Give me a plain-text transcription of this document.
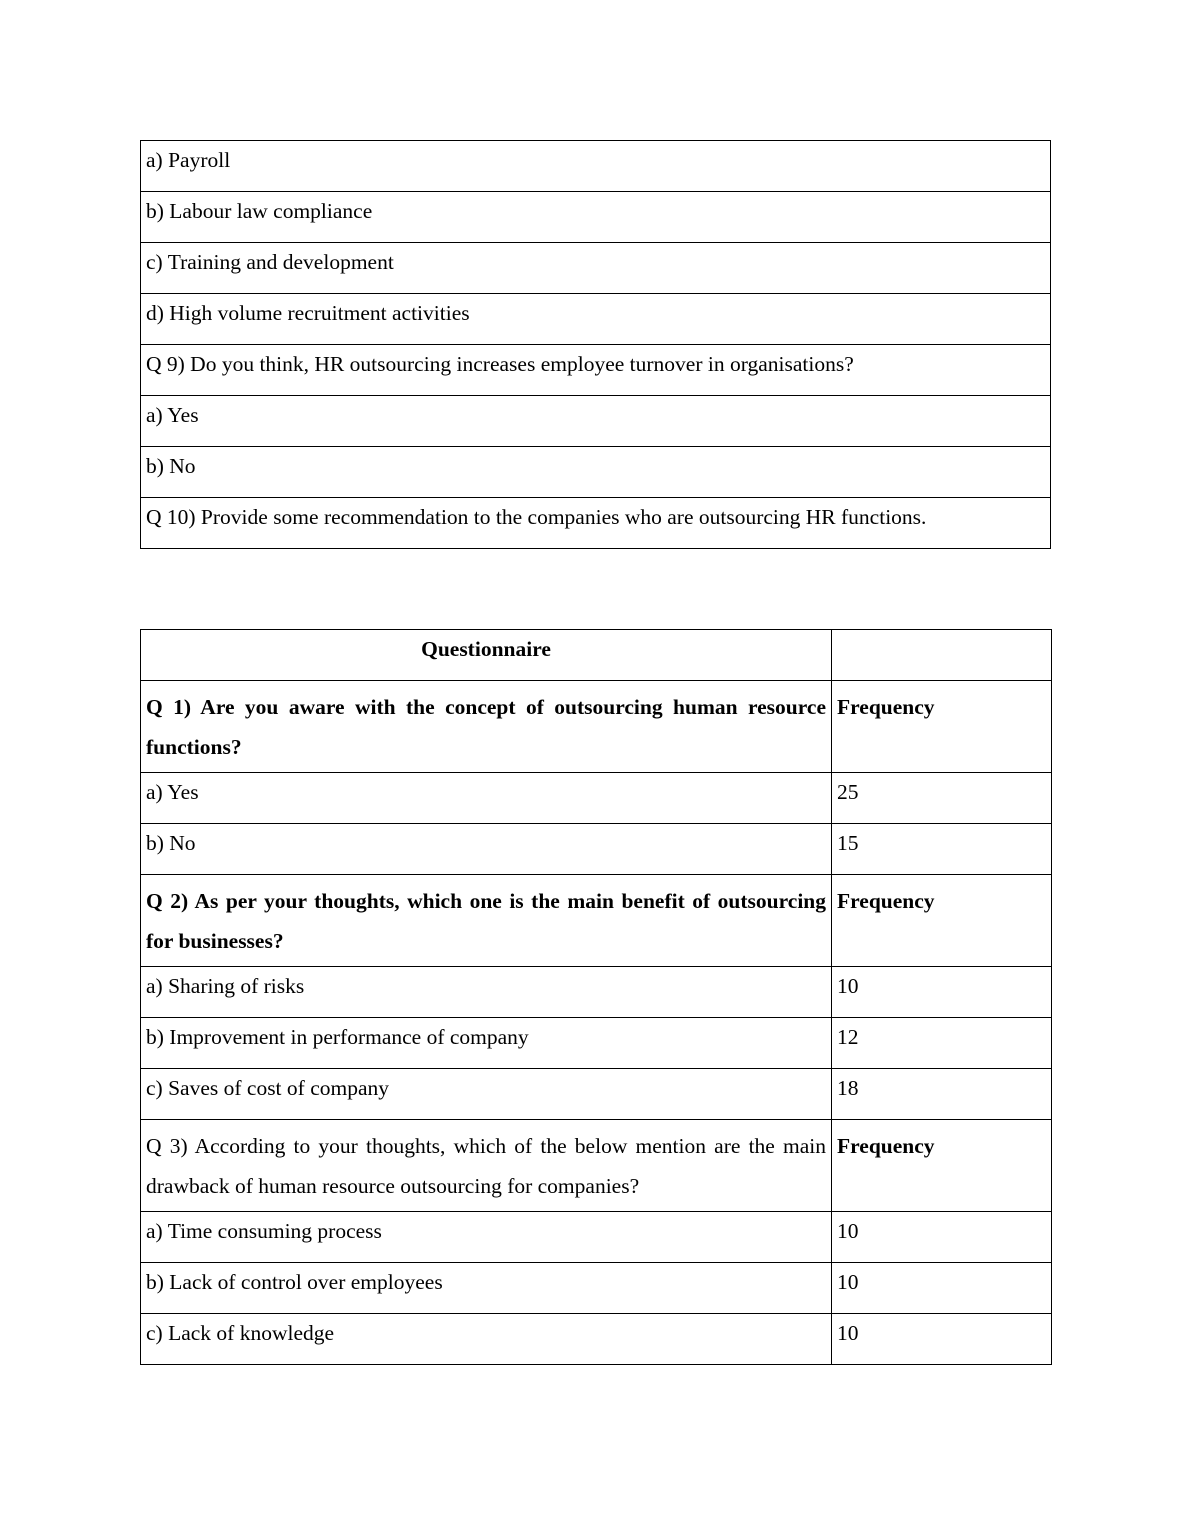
a) Payroll
b) Labour law compliance
c) Training and development
d) High volume recruitment activities
Q 9) Do you think, HR outsourcing increases employee turnover in organisations?
a) Yes
b) No
Q 10) Provide some recommendation to the companies who are outsourcing HR functions.
Questionnaire	
Q 1) Are you aware with the concept of outsourcing human resource functions?	Frequency
a) Yes	25
b) No	15
Q 2) As per your thoughts, which one is the main benefit of outsourcing for businesses?	Frequency
a) Sharing of risks	10
b) Improvement in performance of company	12
c) Saves of cost of company	18
Q 3) According to your thoughts, which of the below mention are the main drawback of human resource outsourcing for companies?	Frequency
a) Time consuming process	10
b) Lack of control over employees	10
c) Lack of knowledge	10
